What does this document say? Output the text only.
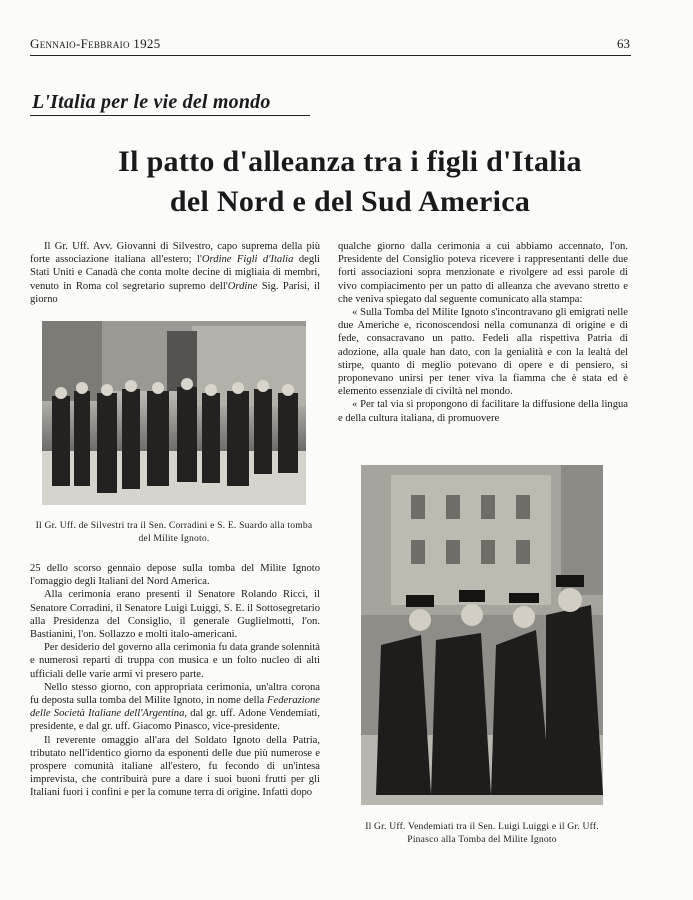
Gennaio-Febbraio 1925	63
L'Italia per le vie del mondo
Il patto d'alleanza tra i figli d'Italia
del Nord e del Sud America

Il Gr. Uff. Avv. Giovanni di Silvestro, capo suprema della più forte associazione italiana all'estero; l'Ordine Figli d'Italia degli Stati Uniti e Canadà che conta molte decine di migliaia di membri, venuto in Roma col segretario supremo dell'Ordine Sig. Parisi, il giorno

Il Gr. Uff. de Silvestri tra il Sen. Corradini e S. E. Suardo alla tomba del Milite Ignoto.

25 dello scorso gennaio depose sulla tomba del Milite Ignoto l'omaggio degli Italiani del Nord America.

Alla cerimonia erano presenti il Senatore Rolando Ricci, il Senatore Corradini, il Senatore Luigi Luiggi, S. E. il Sottosegretario alla Presidenza del Consiglio, il generale Guglielmotti, l'on. Bastianini, l'on. Sollazzo e molti italo-americani.

Per desiderio del governo alla cerimonia fu data grande solennità e numerosi reparti di truppa con musica e un folto nucleo di alti ufficiali delle varie armi vi presero parte.

Nello stesso giorno, con appropriata cerimonia, un'altra corona fu deposta sulla tomba del Milite Ignoto, in nome della Federazione delle Società Italiane dell'Argentina, dal gr. uff. Adone Vendemiati, presidente, e dal gr. uff. Giacomo Pinasco, vice-presidente.

Il reverente omaggio all'ara del Soldato Ignoto della Patria, tributato nell'identico giorno da esponenti delle due più numerose e prospere comunità italiane all'estero, fu fecondo di un'intesa imprevista, che contribuirà pure a dare i suoi buoni frutti per gli Italiani fuori i confini e per la comune terra di origine. Infatti dopo

qualche giorno dalla cerimonia a cui abbiamo accennato, l'on. Presidente del Consiglio poteva ricevere i rappresentanti delle due forti associazioni sopra menzionate e rivolgere ad essi parole di vivo compiacimento per un patto di alleanza che avevano stretto e che veniva spiegato dal seguente comunicato alla stampa:

« Sulla Tomba del Milite Ignoto s'incontravano gli emigrati nelle due Americhe e, riconoscendosi nella comunanza di origine e di fede, consacravano un patto. Fedeli alla rispettiva Patria di adozione, alla quale han dato, con la genialità e con la lealtà del stirpe, quanto di meglio potevano di opere e di pensiero, si proponevano unirsi per tener viva la fiamma che è stata ed è elemento essenziale di civiltà nel mondo.

« Per tal via si propongono di facilitare la diffusione della lingua e della cultura italiana, di promuovere

Il Gr. Uff. Vendemiati tra il Sen. Luigi Luiggi e il Gr. Uff. Pinasco alla Tomba del Milite Ignoto
